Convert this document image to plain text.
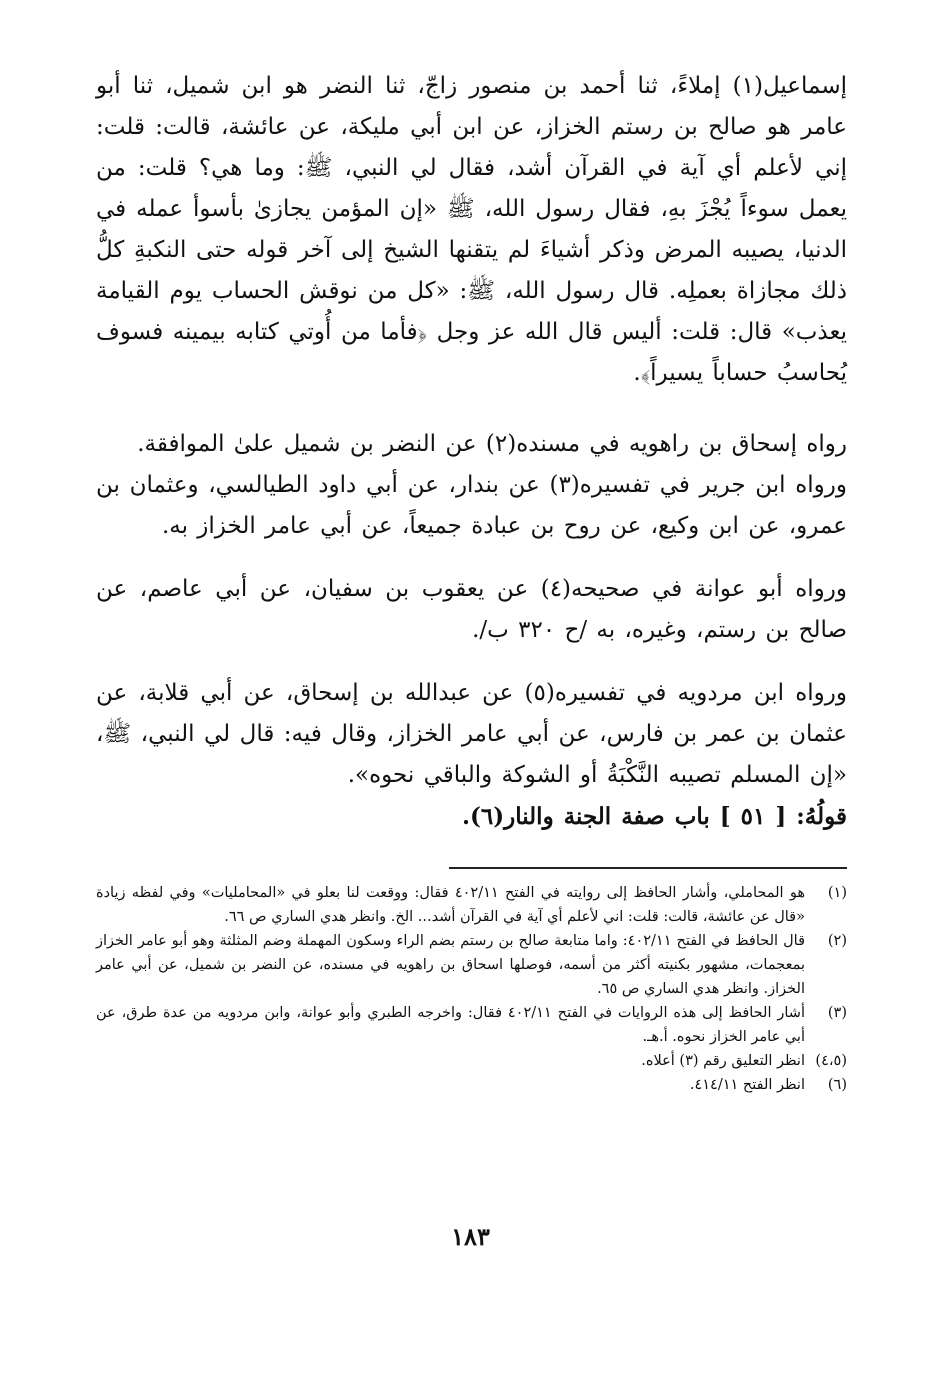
إسماعيل(١) إملاءً، ثنا أحمد بن منصور زاجّ، ثنا النضر هو ابن شميل، ثنا أبو عامر هو صالح بن رستم الخزاز، عن ابن أبي مليكة، عن عائشة، قالت: قلت: إني لأعلم أي آية في القرآن أشد، فقال لي النبي، ﷺ: وما هي؟ قلت: من يعمل سوءاً يُجْزَ بهِ، فقال رسول الله، ﷺ «إن المؤمن يجازىٰ بأسوأ عمله في الدنيا، يصيبه المرض وذكر أشياءَ لم يتقنها الشيخ إلى آخر قوله حتى النكبةِ كلُّ ذلك مجازاة بعملِه. قال رسول الله، ﷺ: «كل من نوقش الحساب يوم القيامة يعذب» قال: قلت: أليس قال الله عز وجل ﴿فأما من أُوتي كتابه بيمينه فسوف يُحاسبُ حساباً يسيراً﴾.

رواه إسحاق بن راهويه في مسنده(٢) عن النضر بن شميل علىٰ الموافقة.

ورواه ابن جرير في تفسيره(٣) عن بندار، عن أبي داود الطيالسي، وعثمان بن عمرو، عن ابن وكيع، عن روح بن عبادة جميعاً، عن أبي عامر الخزاز به.

ورواه أبو عوانة في صحيحه(٤) عن يعقوب بن سفيان، عن أبي عاصم، عن صالح بن رستم، وغيره، به /ح ٣٢٠ ب/.

ورواه ابن مردويه في تفسيره(٥) عن عبدالله بن إسحاق، عن أبي قلابة، عن عثمان بن عمر بن فارس، عن أبي عامر الخزاز، وقال فيه: قال لي النبي، ﷺ، «إن المسلم تصيبه النَّكْبَةُ أو الشوكة والباقي نحوه».

قولُهُ: [ ٥١ ] باب صفة الجنة والنار(٦).

(١)
هو المحاملي، وأشار الحافظ إلى روايته في الفتح ٤٠٢/١١ فقال: ووقعت لنا بعلو في «المحامليات» وفي لفظه زيادة «قال عن عائشة، قالت: قلت: اني لأعلم أي آية في القرآن أشد... الخ. وانظر هدي الساري ص ٦٦.
(٢)
قال الحافظ في الفتح ٤٠٢/١١: واما متابعة صالح بن رستم بضم الراء وسكون المهملة وضم المثلثة وهو أبو عامر الخزاز بمعجمات، مشهور بكنيته أكثر من أسمه، فوصلها اسحاق بن راهويه في مسنده، عن النضر بن شميل، عن أبي عامر الخزاز. وانظر هدي الساري ص ٦٥.
(٣)
أشار الحافظ إلى هذه الروايات في الفتح ٤٠٢/١١ فقال: واخرجه الطبري وأبو عوانة، وابن مردويه من عدة طرق، عن أبي عامر الخزاز نحوه. أ.هـ.
(٤،٥)
انظر التعليق رقم (٣) أعلاه.
(٦)
انظر الفتح ٤١٤/١١.
١٨٣
